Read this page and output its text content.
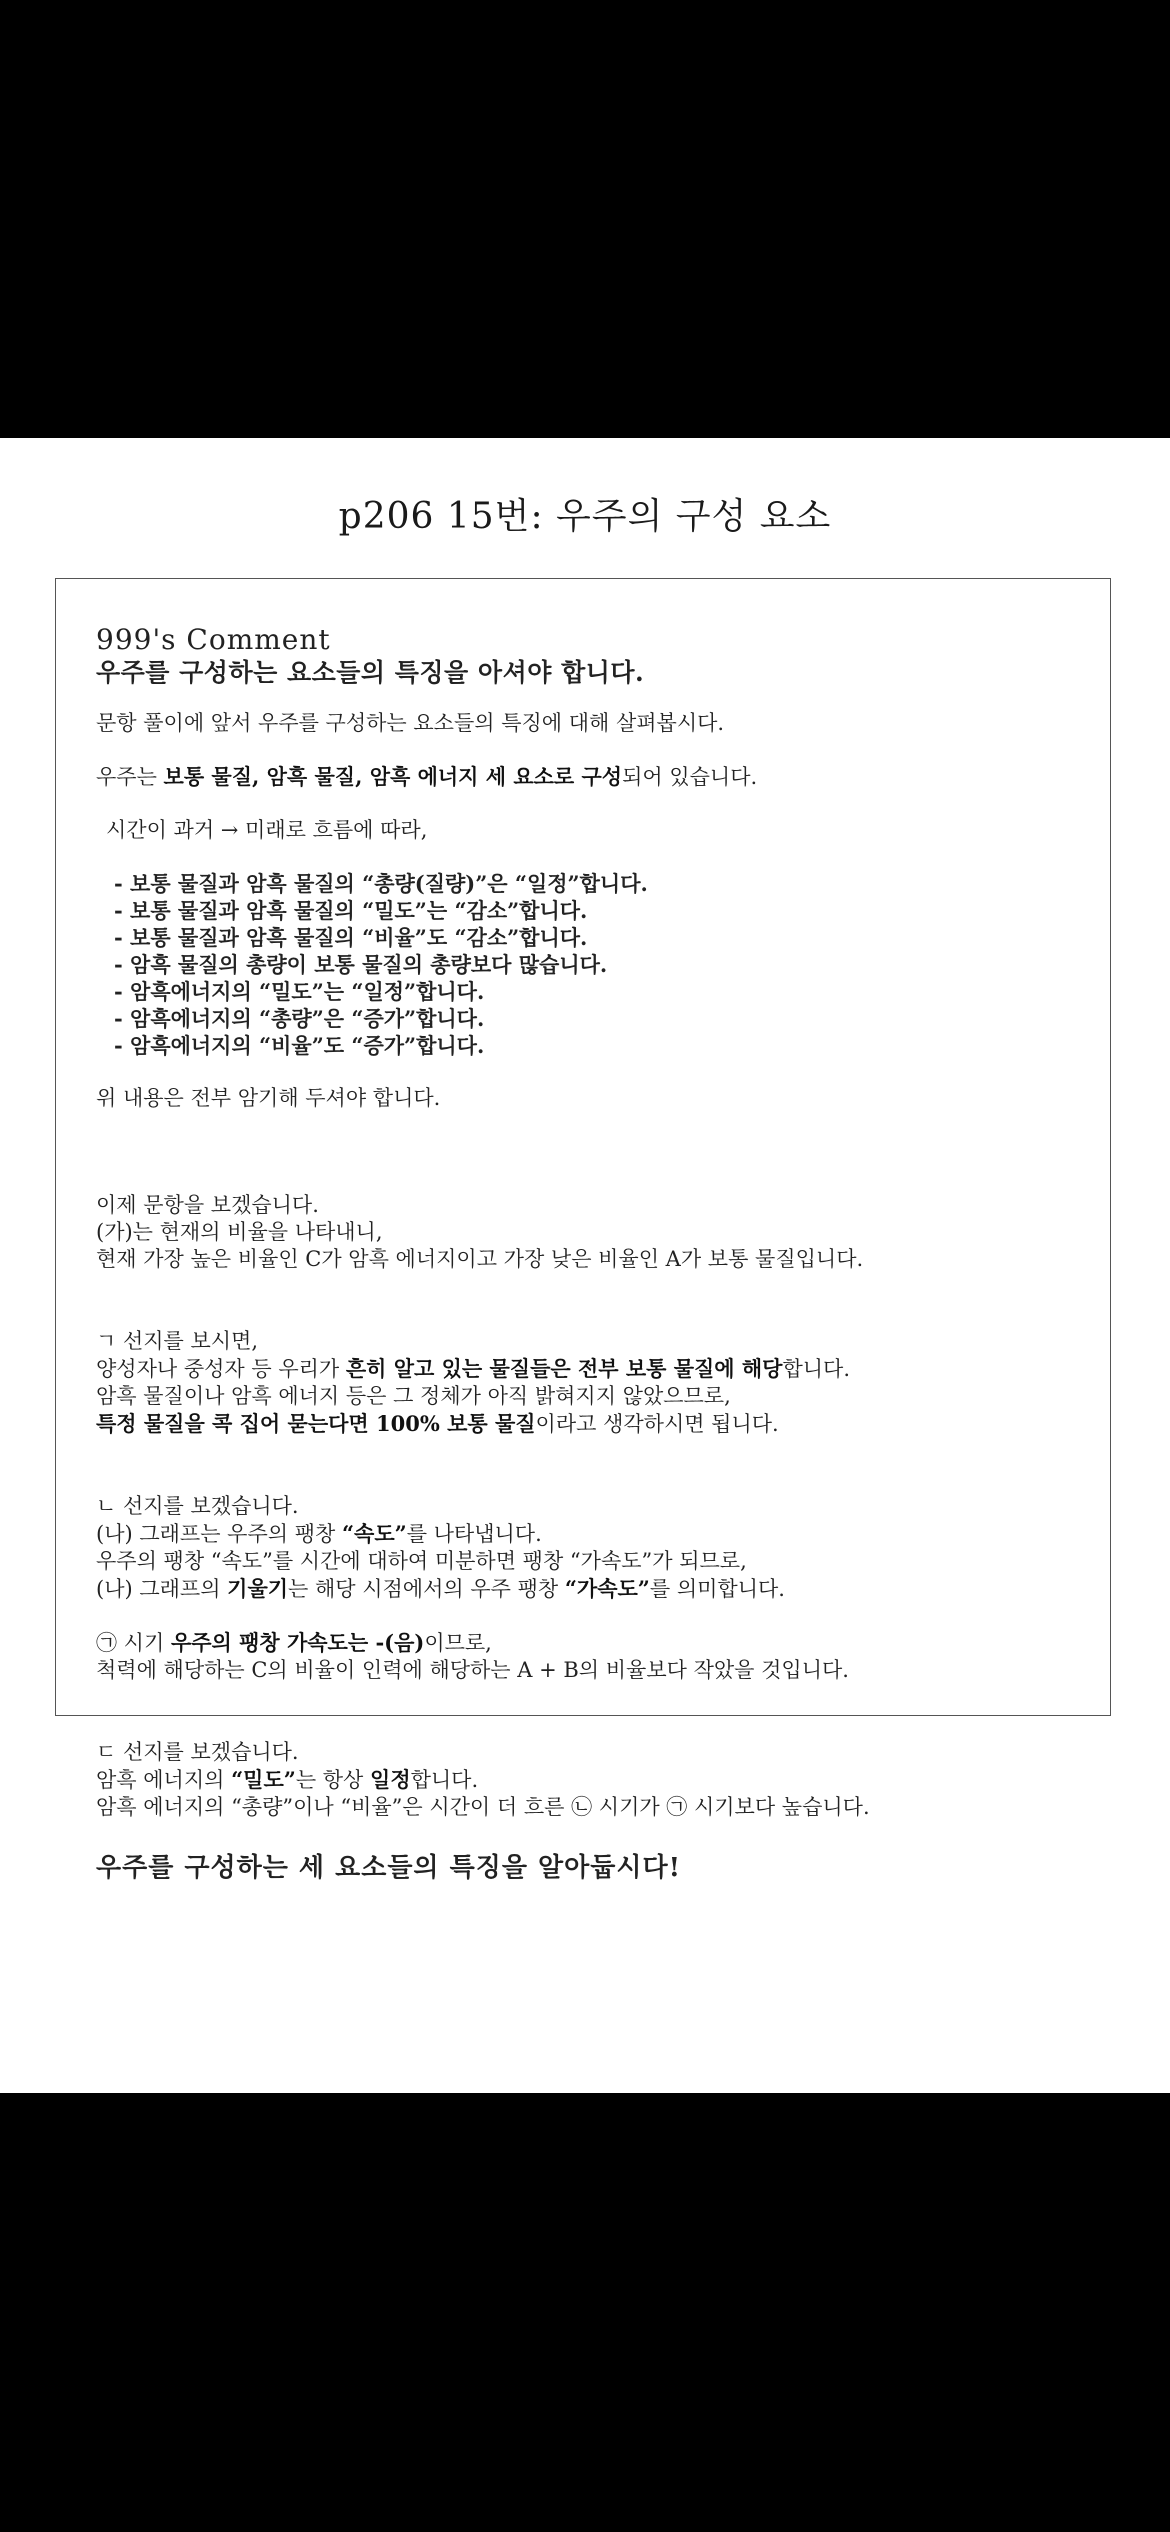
p206 15번: 우주의 구성 요소

999's Comment

우주를 구성하는 요소들의 특징을 아셔야 합니다.

문항 풀이에 앞서 우주를 구성하는 요소들의 특징에 대해 살펴봅시다.

우주는 보통 물질, 암흑 물질, 암흑 에너지 세 요소로 구성되어 있습니다.

시간이 과거 → 미래로 흐름에 따라,

- 보통 물질과 암흑 물질의 “총량(질량)”은 “일정”합니다.

- 보통 물질과 암흑 물질의 “밀도”는 “감소”합니다.

- 보통 물질과 암흑 물질의 “비율”도 “감소”합니다.

- 암흑 물질의 총량이 보통 물질의 총량보다 많습니다.

- 암흑에너지의 “밀도”는 “일정”합니다.

- 암흑에너지의 “총량”은 “증가”합니다.

- 암흑에너지의 “비율”도 “증가”합니다.

위 내용은 전부 암기해 두셔야 합니다.

이제 문항을 보겠습니다.

(가)는 현재의 비율을 나타내니,

현재 가장 높은 비율인 C가 암흑 에너지이고 가장 낮은 비율인 A가 보통 물질입니다.

ㄱ 선지를 보시면,

양성자나 중성자 등 우리가 흔히 알고 있는 물질들은 전부 보통 물질에 해당합니다.

암흑 물질이나 암흑 에너지 등은 그 정체가 아직 밝혀지지 않았으므로,

특정 물질을 콕 집어 묻는다면 100% 보통 물질이라고 생각하시면 됩니다.

ㄴ 선지를 보겠습니다.

(나) 그래프는 우주의 팽창 “속도”를 나타냅니다.

우주의 팽창 “속도”를 시간에 대하여 미분하면 팽창 “가속도”가 되므로,

(나) 그래프의 기울기는 해당 시점에서의 우주 팽창 “가속도”를 의미합니다.

㉠ 시기 우주의 팽창 가속도는 -(음)이므로,

척력에 해당하는 C의 비율이 인력에 해당하는 A + B의 비율보다 작았을 것입니다.

ㄷ 선지를 보겠습니다.

암흑 에너지의 “밀도”는 항상 일정합니다.

암흑 에너지의 “총량”이나 “비율”은 시간이 더 흐른 ㉡ 시기가 ㉠ 시기보다 높습니다.

우주를 구성하는 세 요소들의 특징을 알아둡시다!
